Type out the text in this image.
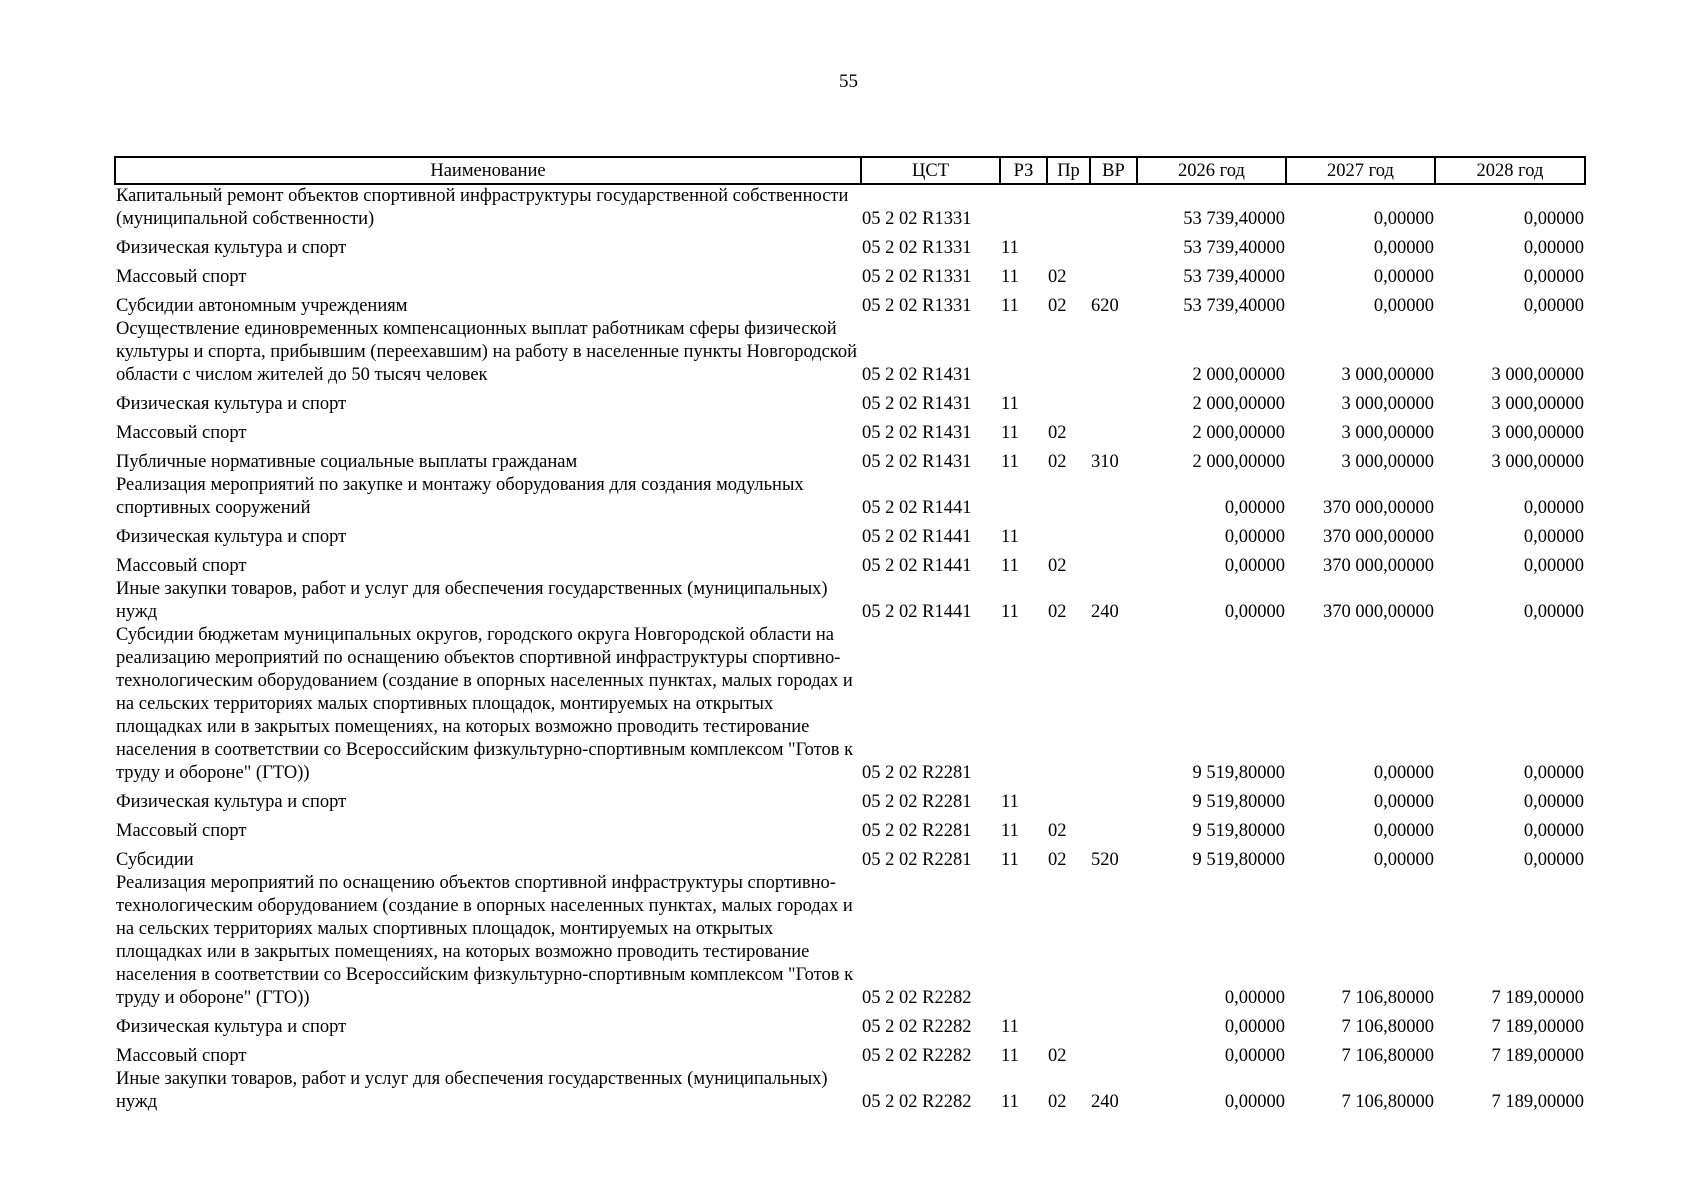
55
Наименование	ЦСТ	РЗ	Пр	ВР	2026 год	2027 год	2028 год
Капитальный ремонт объектов спортивной инфраструктуры государственной собственности (муниципальной собственности)	05 2 02 R1331				53 739,40000	0,00000	0,00000
Физическая культура и спорт	05 2 02 R1331	11			53 739,40000	0,00000	0,00000
Массовый спорт	05 2 02 R1331	11	02		53 739,40000	0,00000	0,00000
Субсидии автономным учреждениям	05 2 02 R1331	11	02	620	53 739,40000	0,00000	0,00000
Осуществление единовременных компенсационных выплат работникам сферы физической культуры и спорта, прибывшим (переехавшим) на работу в населенные пункты Новгородской области с числом жителей до 50 тысяч человек	05 2 02 R1431				2 000,00000	3 000,00000	3 000,00000
Физическая культура и спорт	05 2 02 R1431	11			2 000,00000	3 000,00000	3 000,00000
Массовый спорт	05 2 02 R1431	11	02		2 000,00000	3 000,00000	3 000,00000
Публичные нормативные социальные выплаты гражданам	05 2 02 R1431	11	02	310	2 000,00000	3 000,00000	3 000,00000
Реализация мероприятий по закупке и монтажу оборудования для создания модульных спортивных сооружений	05 2 02 R1441				0,00000	370 000,00000	0,00000
Физическая культура и спорт	05 2 02 R1441	11			0,00000	370 000,00000	0,00000
Массовый спорт	05 2 02 R1441	11	02		0,00000	370 000,00000	0,00000
Иные закупки товаров, работ и услуг для обеспечения государственных (муниципальных) нужд	05 2 02 R1441	11	02	240	0,00000	370 000,00000	0,00000
Субсидии бюджетам муниципальных округов, городского округа Новгородской области на реализацию мероприятий по оснащению объектов спортивной инфраструктуры спортивно-технологическим оборудованием (создание в опорных населенных пунктах, малых городах и на сельских территориях малых спортивных площадок, монтируемых на открытых площадках или в закрытых помещениях, на которых возможно проводить тестирование населения в соответствии со Всероссийским физкультурно-спортивным комплексом "Готов к труду и обороне" (ГТО))	05 2 02 R2281				9 519,80000	0,00000	0,00000
Физическая культура и спорт	05 2 02 R2281	11			9 519,80000	0,00000	0,00000
Массовый спорт	05 2 02 R2281	11	02		9 519,80000	0,00000	0,00000
Субсидии	05 2 02 R2281	11	02	520	9 519,80000	0,00000	0,00000
Реализация мероприятий по оснащению объектов спортивной инфраструктуры спортивно-технологическим оборудованием (создание в опорных населенных пунктах, малых городах и на сельских территориях малых спортивных площадок, монтируемых на открытых площадках или в закрытых помещениях, на которых возможно проводить тестирование населения в соответствии со Всероссийским физкультурно-спортивным комплексом "Готов к труду и обороне" (ГТО))	05 2 02 R2282				0,00000	7 106,80000	7 189,00000
Физическая культура и спорт	05 2 02 R2282	11			0,00000	7 106,80000	7 189,00000
Массовый спорт	05 2 02 R2282	11	02		0,00000	7 106,80000	7 189,00000
Иные закупки товаров, работ и услуг для обеспечения государственных (муниципальных) нужд	05 2 02 R2282	11	02	240	0,00000	7 106,80000	7 189,00000
